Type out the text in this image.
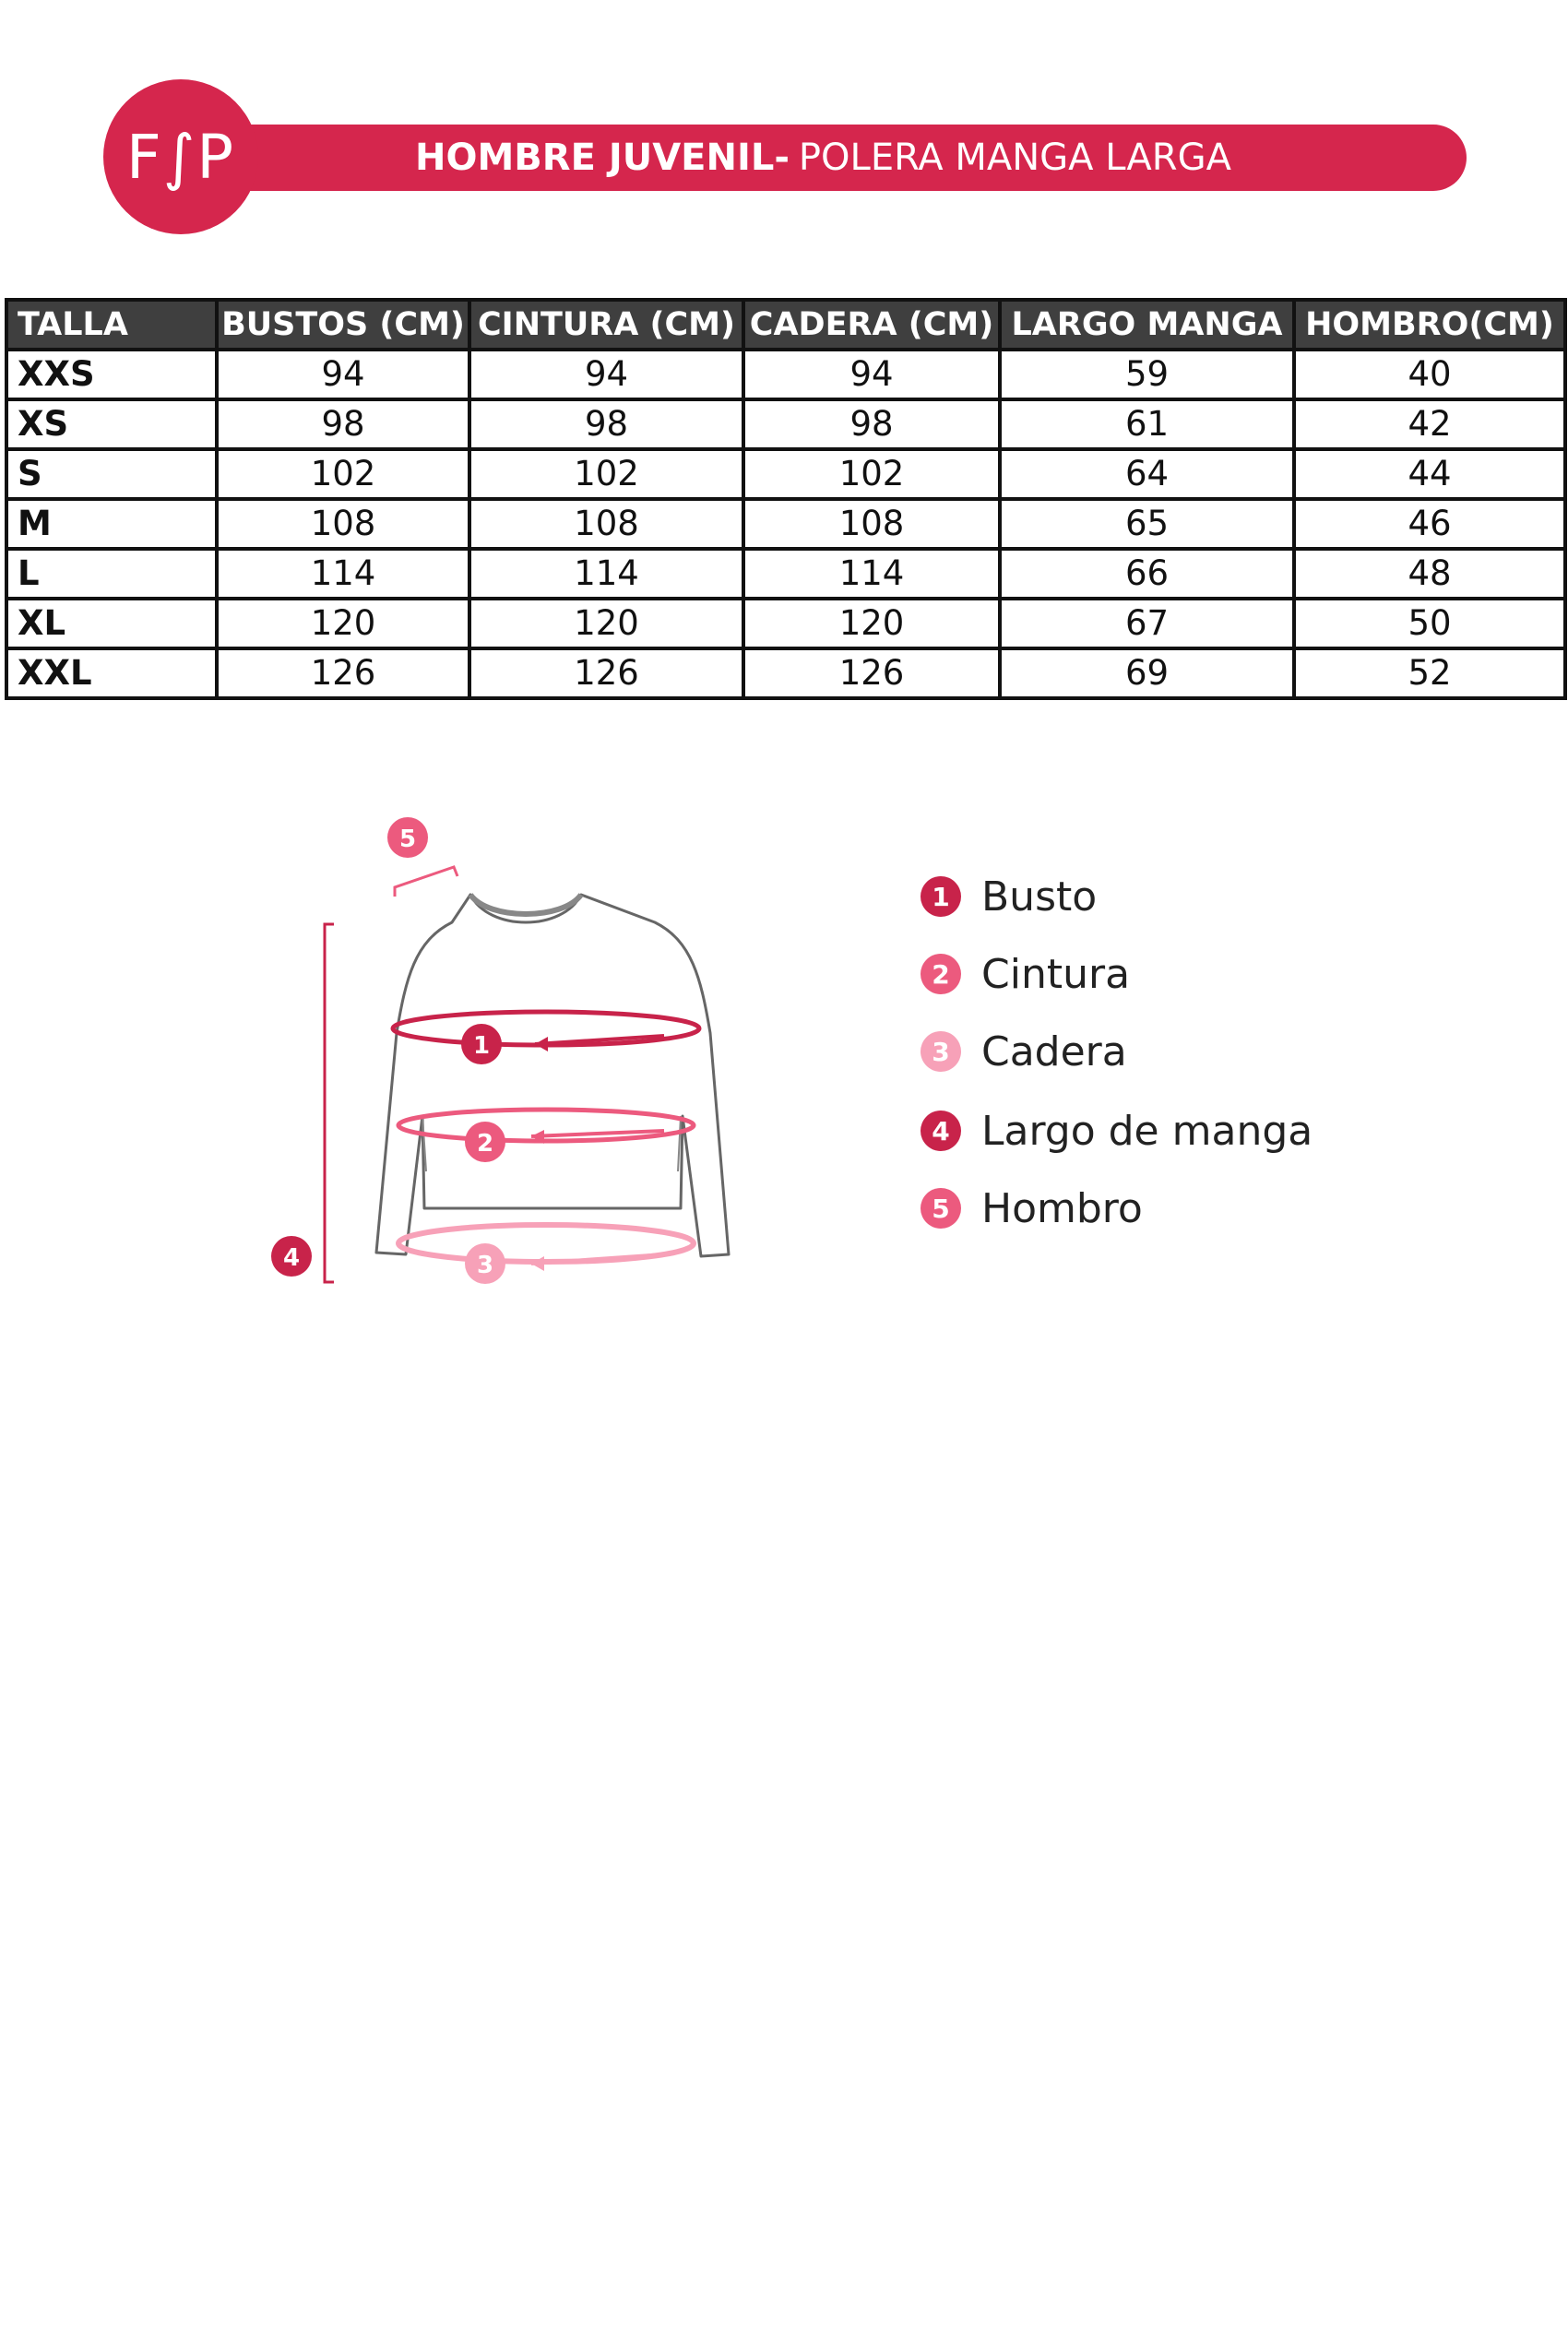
F∫P	HOMBRE JUVENIL- POLERA MANGA LARGA
TALLA	BUSTOS (CM)	CINTURA (CM)	CADERA (CM)	LARGO MANGA	HOMBRO(CM)
XXS	94	94	94	59	40
XS	98	98	98	61	42
S	102	102	102	64	44
M	108	108	108	65	46
L	114	114	114	66	48
XL	120	120	120	67	50
XXL	126	126	126	69	52
1
2
3
4
5
1 Busto
2 Cintura
3 Cadera
4 Largo de manga
5 Hombro
